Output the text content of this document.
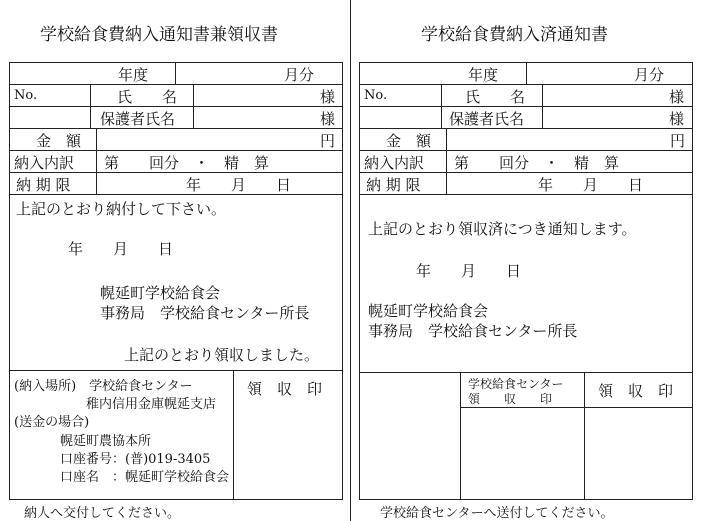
学校給食費納入通知書兼領収書
年度	月分
No.	氏　　名	様
保護者氏名	様
金　額	円
納入内訳 第　　回分　・　精　算
納 期 限	年　　月　　日
上記のとおり納付して下さい。
年　　月　　日
幌延町学校給食会
事務局　学校給食センター所長
上記のとおり領収しました。
(納入場所)　学校給食センター
稚内信用金庫幌延支店
(送金の場合)
幌延町農協本所
口座番号：(普)019-3405
口座名　：幌延町学校給食会
領　収　印
納人へ交付してください。
学校給食費納入済通知書
年度	月分
No.	氏　　名	様
保護者氏名	様
金　額	円
納入内訳 第　　回分　・　精　算
納 期 限	年　　月　　日
上記のとおり領収済につき通知します。
年　　月　　日
幌延町学校給食会
事務局　学校給食センター所長
学校給食センター
領　　収　　印	領　収　印
学校給食センターへ送付してください。
